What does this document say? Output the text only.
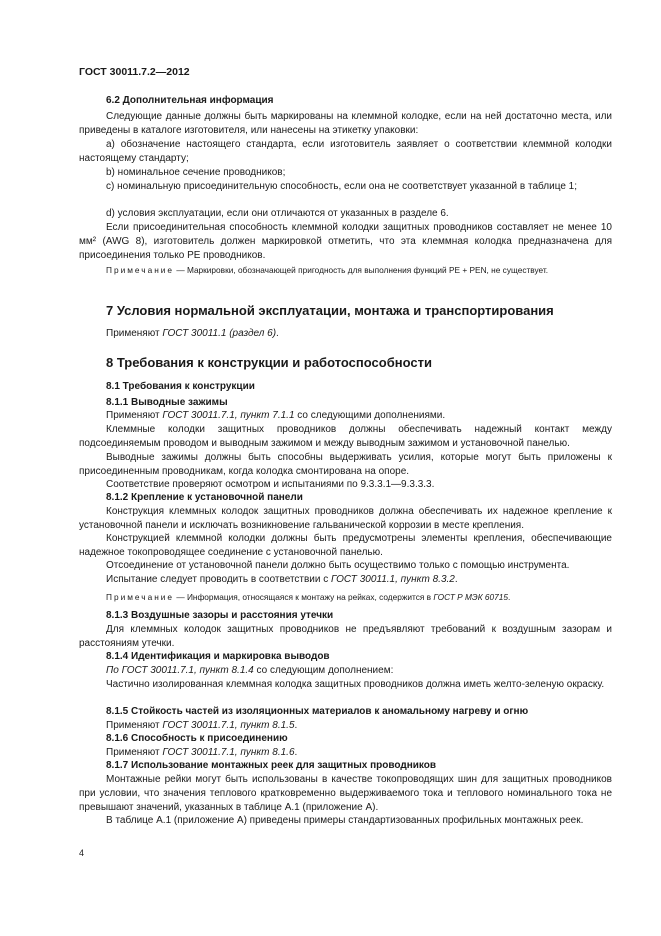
ГОСТ 30011.7.2—2012

6.2 Дополнительная информация

Следующие данные должны быть маркированы на клеммной колодке, если на ней достаточно места, или приведены в каталоге изготовителя, или нанесены на этикетку упаковки:

а) обозначение настоящего стандарта, если изготовитель заявляет о соответствии клеммной колодки настоящему стандарту;

b) номинальное сечение проводников;

с) номинальную присоединительную способность, если она не соответствует указанной в таблице 1;

d) условия эксплуатации, если они отличаются от указанных в разделе 6.

Если присоединительная способность клеммной колодки защитных проводников составляет не менее 10 мм² (AWG 8), изготовитель должен маркировкой отметить, что эта клеммная колодка предназначена для присоединения только PE проводников.

Примечание — Маркировки, обозначающей пригодность для выполнения функций PE + PEN, не существует.

7 Условия нормальной эксплуатации, монтажа и транспортирования

Применяют ГОСТ 30011.1 (раздел 6).

8 Требования к конструкции и работоспособности

8.1 Требования к конструкции

8.1.1 Выводные зажимы

Применяют ГОСТ 30011.7.1, пункт 7.1.1 со следующими дополнениями.

Клеммные колодки защитных проводников должны обеспечивать надежный контакт между подсоединяемым проводом и выводным зажимом и между выводным зажимом и установочной панелью.

Выводные зажимы должны быть способны выдерживать усилия, которые могут быть приложены к присоединенным проводникам, когда колодка смонтирована на опоре.

Соответствие проверяют осмотром и испытаниями по 9.3.3.1—9.3.3.3.

8.1.2 Крепление к установочной панели

Конструкция клеммных колодок защитных проводников должна обеспечивать их надежное крепление к установочной панели и исключать возникновение гальванической коррозии в месте крепления.

Конструкцией клеммной колодки должны быть предусмотрены элементы крепления, обеспечивающие надежное токопроводящее соединение с установочной панелью.

Отсоединение от установочной панели должно быть осуществимо только с помощью инструмента.

Испытание следует проводить в соответствии с ГОСТ 30011.1, пункт 8.3.2.

Примечание — Информация, относящаяся к монтажу на рейках, содержится в ГОСТ Р МЭК 60715.

8.1.3 Воздушные зазоры и расстояния утечки

Для клеммных колодок защитных проводников не предъявляют требований к воздушным зазорам и расстояниям утечки.

8.1.4 Идентификация и маркировка выводов

По ГОСТ 30011.7.1, пункт 8.1.4 со следующим дополнением:

Частично изолированная клеммная колодка защитных проводников должна иметь желто-зеленую окраску.

8.1.5 Стойкость частей из изоляционных материалов к аномальному нагреву и огню

Применяют ГОСТ 30011.7.1, пункт 8.1.5.

8.1.6 Способность к присоединению

Применяют ГОСТ 30011.7.1, пункт 8.1.6.

8.1.7 Использование монтажных реек для защитных проводников

Монтажные рейки могут быть использованы в качестве токопроводящих шин для защитных проводников при условии, что значения теплового кратковременно выдерживаемого тока и теплового номинального тока не превышают значений, указанных в таблице А.1 (приложение А).

В таблице А.1 (приложение А) приведены примеры стандартизованных профильных монтажных реек.

4
